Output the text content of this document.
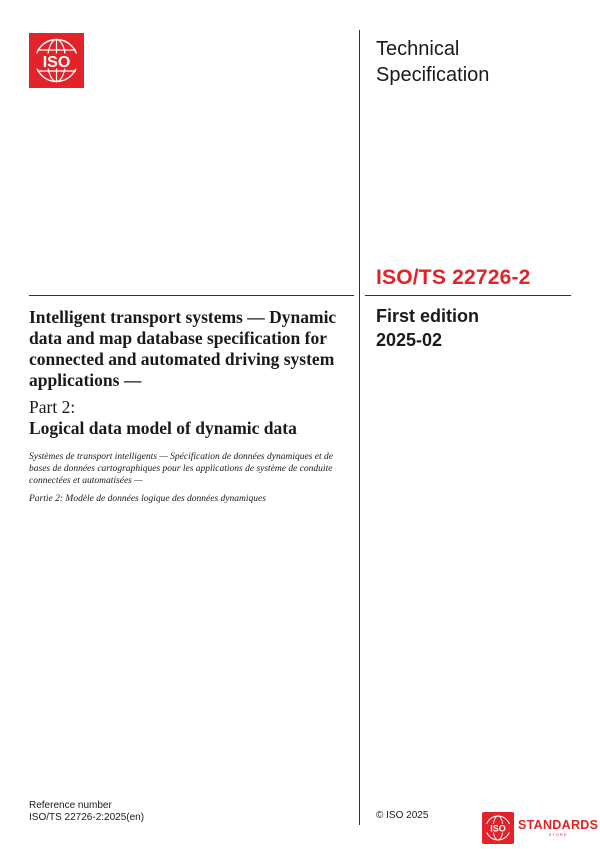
ISO
Technical
Specification
ISO/TS 22726-2
First edition
2025-02
Intelligent transport systems — Dynamic data and map database specification for connected and automated driving system applications —
Part 2:
Logical data model of dynamic data
Systèmes de transport intelligents — Spécification de données dynamiques et de bases de données cartographiques pour les applications de système de conduite connectées et automatisées —
Partie 2: Modèle de données logique des données dynamiques
Reference number
ISO/TS 22726-2:2025(en)	© ISO 2025
ISO STANDARDS
STORE
